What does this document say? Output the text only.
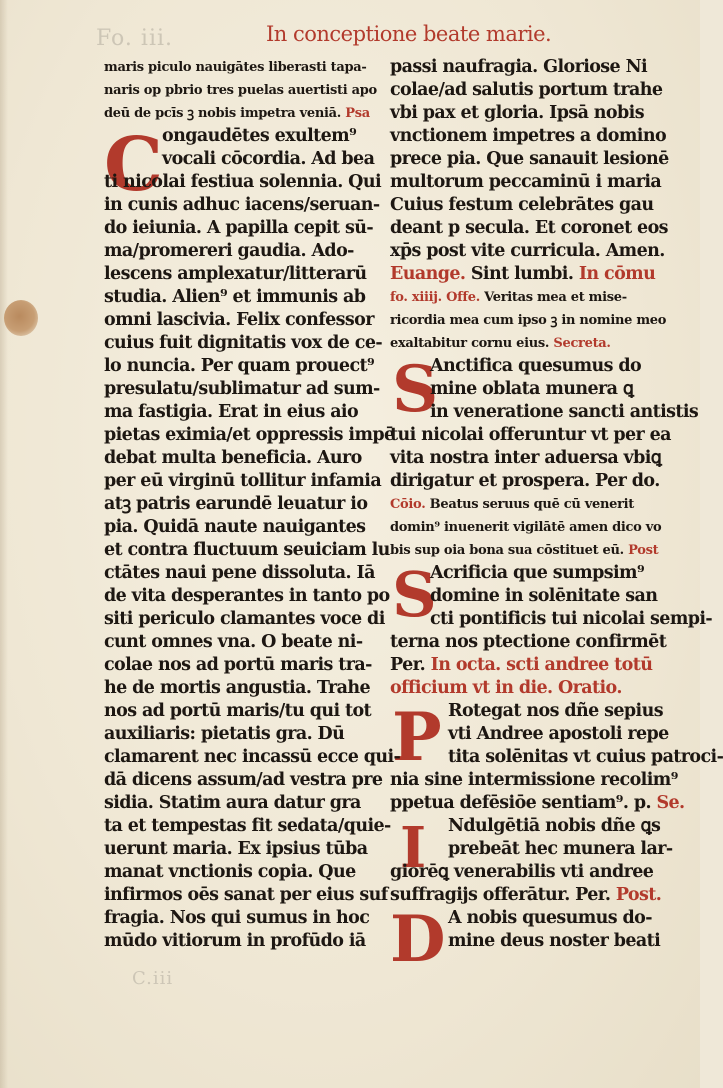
Fo. iii.
C.iii
In conceptione beate marie.
C
S
S
P
I
D
maris piculo nauigātes liberasti tapa-
naris op pbrio tres puelas auertisti apo
deū de pcīs ꝫ nobis impetra veniā. Psa
ongaudētes exultem⁹
vocali cōcordia. Ad bea
ti nicolai festiua solennia. Qui
in cunis adhuc iacens/seruan-
do ieiunia. A papilla cepit sū-
ma/promereri gaudia. Ado-
lescens amplexatur/litterarū
studia. Alien⁹ et immunis ab
omni lascivia. Felix confessor
cuius fuit dignitatis vox de ce-
lo nuncia. Per quam prouect⁹
presulatu/sublimatur ad sum-
ma fastigia. Erat in eius aio
pietas eximia/et oppressis impē
debat multa beneficia. Auro
per eū virginū tollitur infamia
atꝫ patris earundē leuatur io
pia. Quidā naute nauigantes
et contra fluctuum seuiciam lu
ctātes naui pene dissoluta. Iā
de vita desperantes in tanto po
siti periculo clamantes voce di
cunt omnes vna. O beate ni-
colae nos ad portū maris tra-
he de mortis angustia. Trahe
nos ad portū maris/tu qui tot
auxiliaris: pietatis gra. Dū
clamarent nec incassū ecce qui-
dā dicens assum/ad vestra pre
sidia. Statim aura datur gra
ta et tempestas fit sedata/quie-
uerunt maria. Ex ipsius tūba
manat vnctionis copia. Que
infirmos oēs sanat per eius suf
fragia. Nos qui sumus in hoc
mūdo vitiorum in profūdo iā
passi naufragia. Gloriose Ni
colae/ad salutis portum trahe
vbi pax et gloria. Ipsā nobis
vnctionem impetres a domino
prece pia. Que sanauit lesionē
multorum peccaminū i maria
Cuius festum celebrātes gau
deant p secula. Et coronet eos
xp̄s post vite curricula. Amen.
Euange. Sint lumbi. In cōmu
fo. xiiij. Offe. Veritas mea et mise-
ricordia mea cum ipso ꝫ in nomine meo
exaltabitur cornu eius. Secreta.
Anctifica quesumus do
mine oblata munera ꝗ
in veneratione sancti antistis
tui nicolai offeruntur vt per ea
vita nostra inter aduersa vbiꝗ
dirigatur et prospera. Per do.
Cōio. Beatus seruus quē cū venerit
domin⁹ inuenerit vigilātē amen dico vo
bis sup oia bona sua cōstituet eū. Post
Acrificia que sumpsim⁹
domine in solēnitate san
cti pontificis tui nicolai sempi-
terna nos ptectione confirmēt
Per. In octa. scti andree totū
officium vt in die. Oratio.
Rotegat nos dñe sepius
vti Andree apostoli repe
tita solēnitas vt cuius patroci-
nia sine intermissione recolim⁹
ppetua defēsiōe sentiam⁹. p. Se.
Ndulgētiā nobis dñe ꝗs
prebeāt hec munera lar-
giorēꝗ venerabilis vti andree
suffragijs offerātur. Per. Post.
A nobis quesumus do-
mine deus noster beati
